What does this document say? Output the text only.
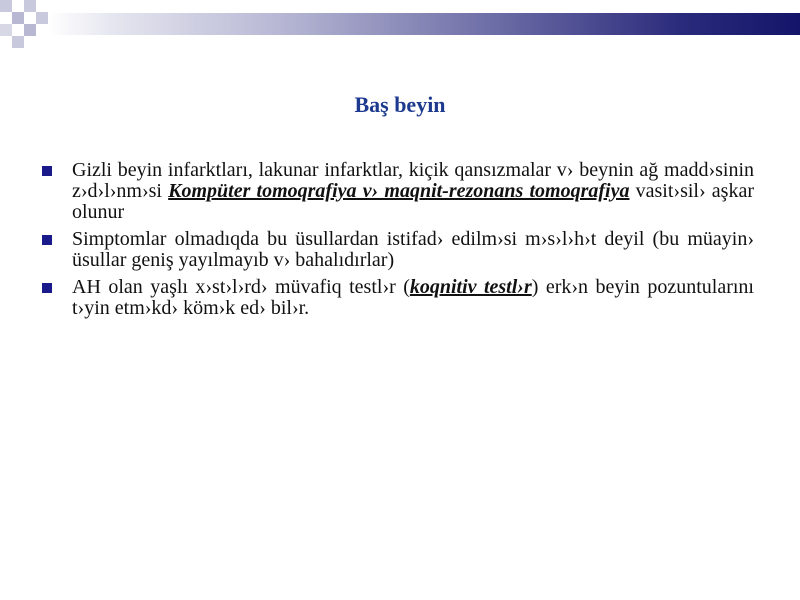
Baş beyin
Gizli beyin infarktları, lakunar infarktlar, kiçik qansızmalar v› beynin ağ madd›sinin z›d›l›nm›si Kompüter tomoqrafiya v› maqnit-rezonans tomoqrafiya vasit›sil› aşkar olunur
Simptomlar olmadıqda bu üsullardan istifad› edilm›si m›s›l›h›t deyil (bu müayin› üsullar geniş yayılmayıb v› bahalıdırlar)
AH olan yaşlı x›st›l›rd› müvafiq testl›r (koqnitiv testl›r) erk›n beyin pozuntularını t›yin etm›kd› köm›k ed› bil›r.
